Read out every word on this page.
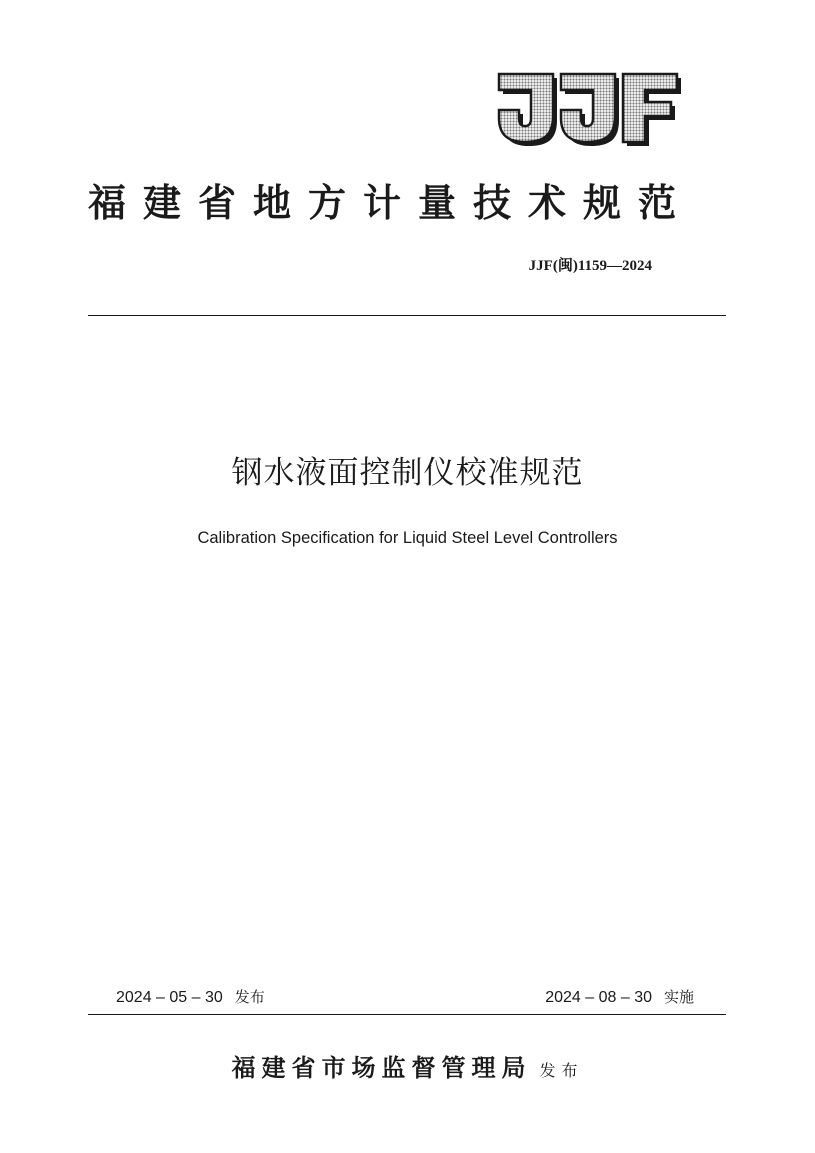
福建省地方计量技术规范
JJF(闽)1159—2024
钢水液面控制仪校准规范
Calibration Specification for Liquid Steel Level Controllers
2024 – 05 – 30 发布	2024 – 08 – 30 实施
福建省市场监督管理局 发布
